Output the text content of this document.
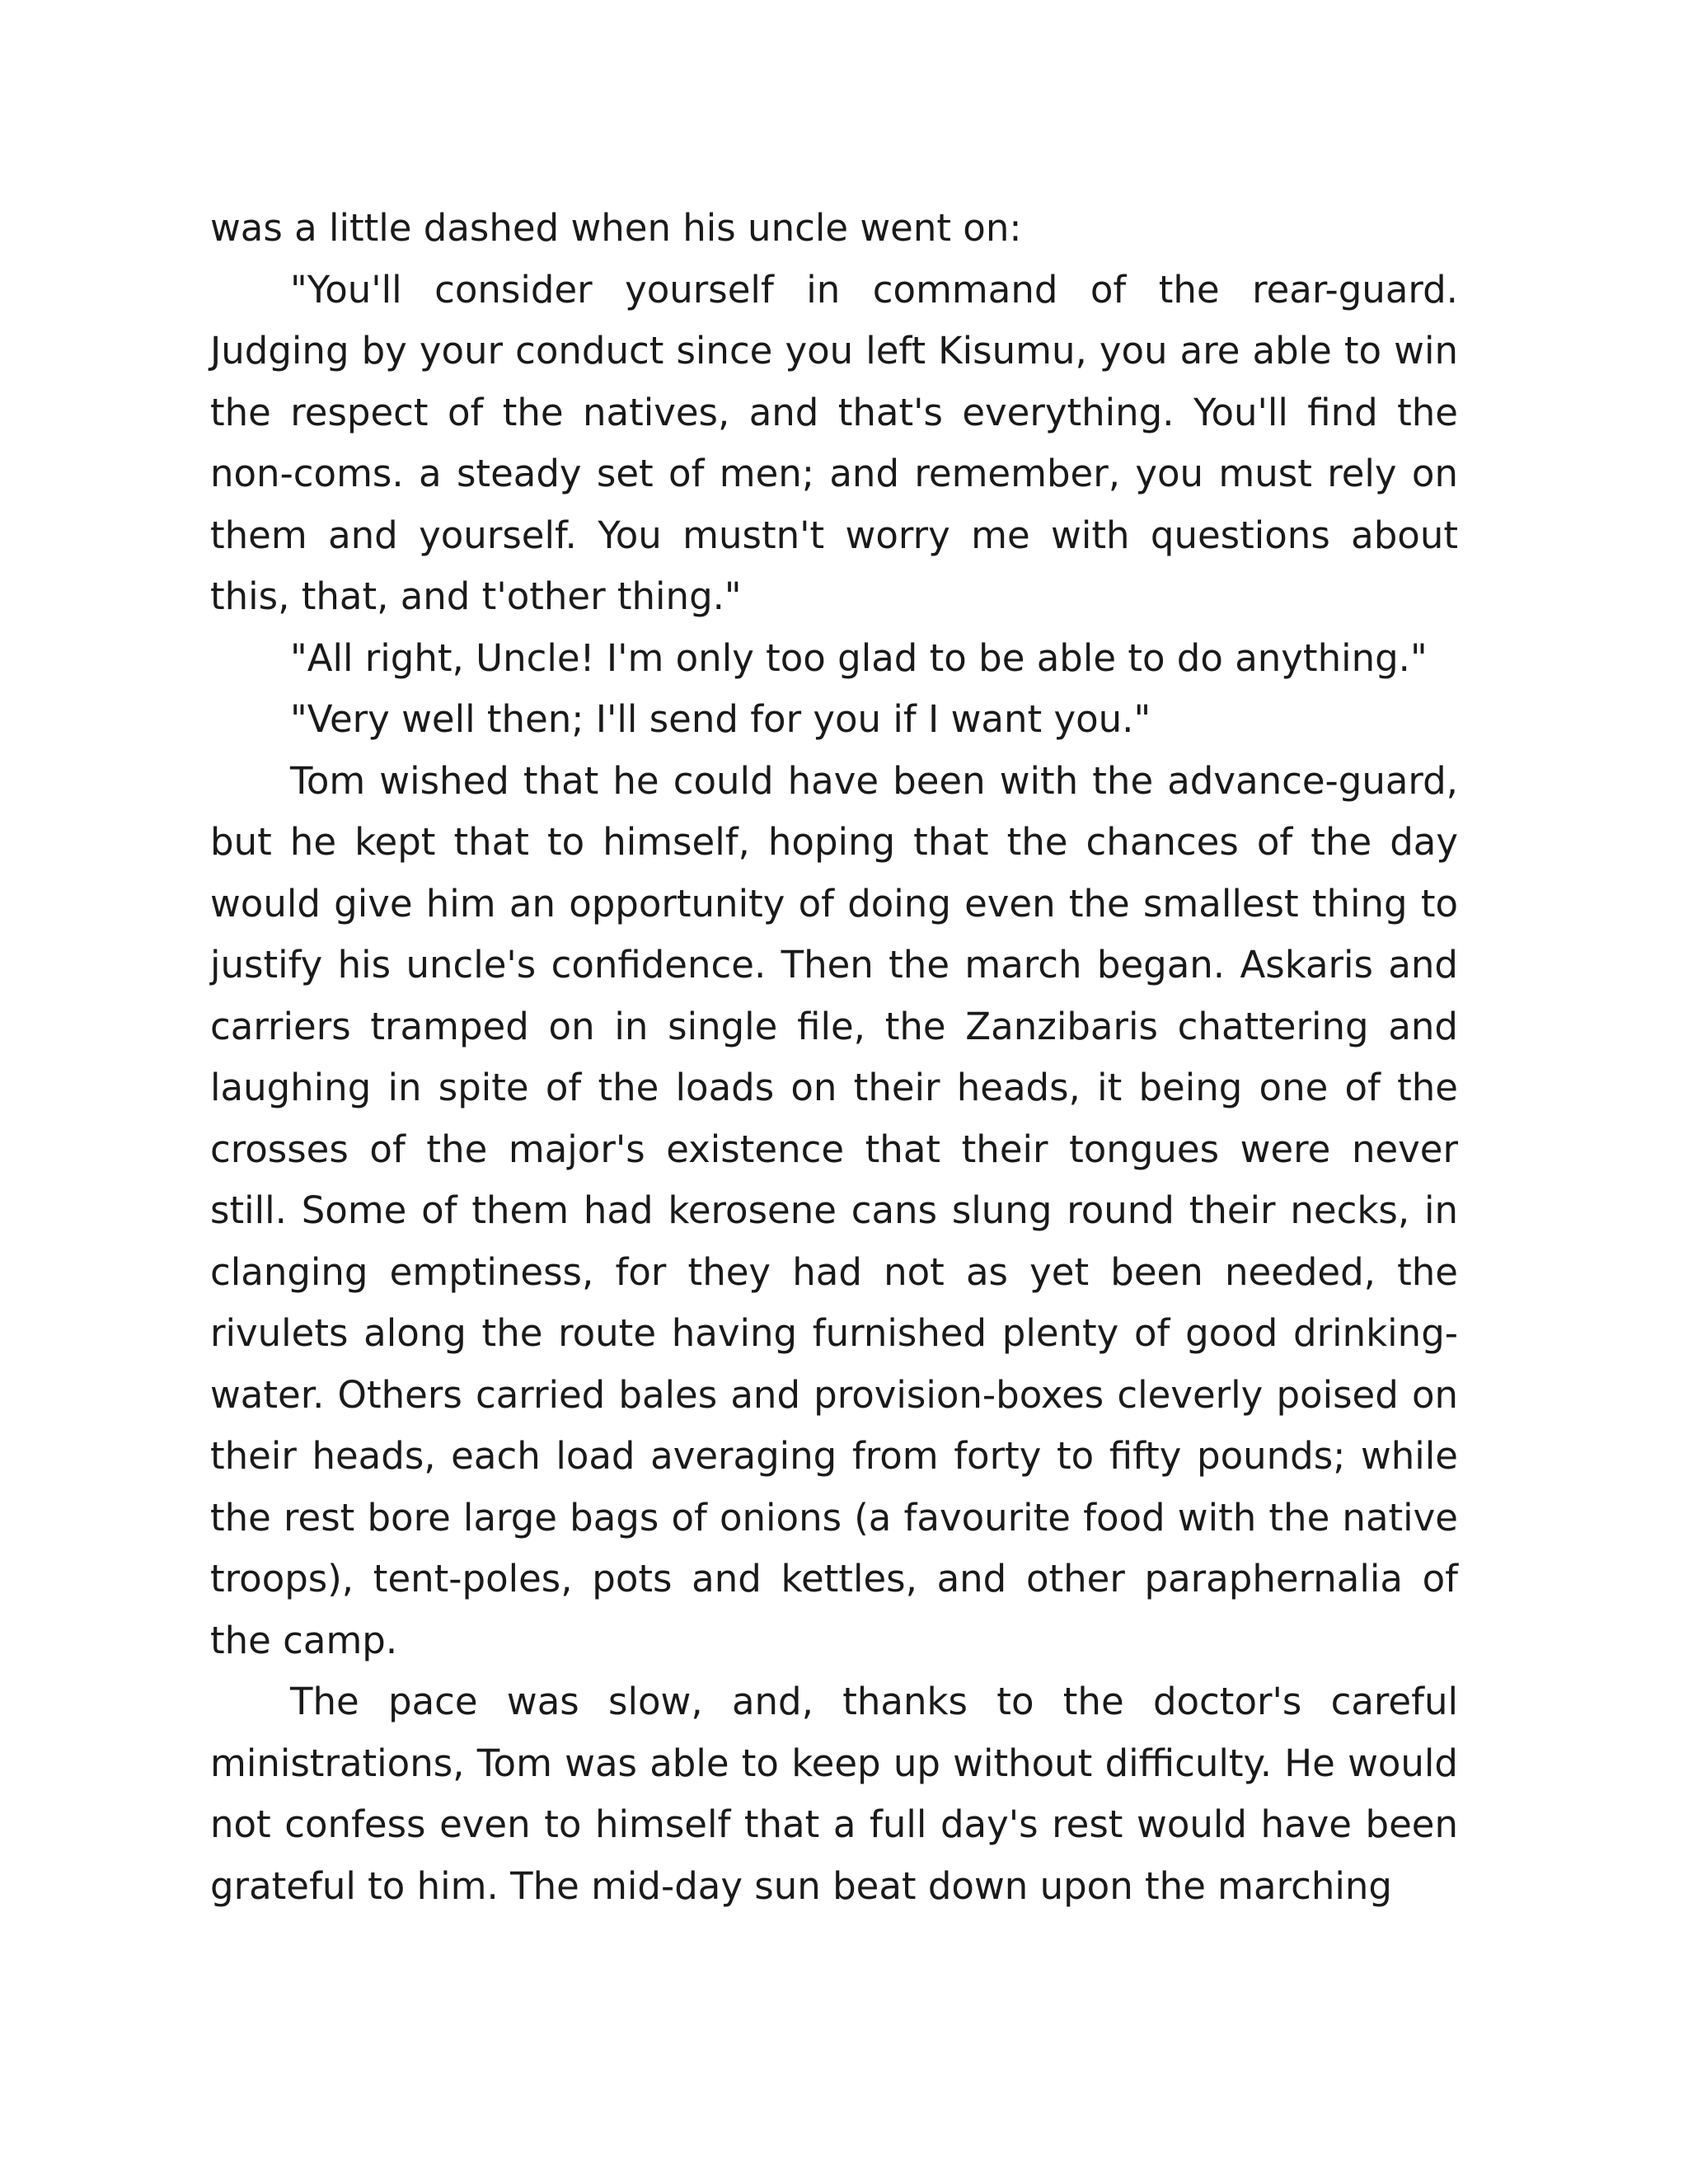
was a little dashed when his uncle went on:

"You'll consider yourself in command of the rear-guard. Judging by your conduct since you left Kisumu, you are able to win the respect of the natives, and that's everything. You'll find the non-coms. a steady set of men; and remember, you must rely on them and yourself. You mustn't worry me with questions about this, that, and t'other thing."

"All right, Uncle! I'm only too glad to be able to do anything."

"Very well then; I'll send for you if I want you."

Tom wished that he could have been with the advance-guard, but he kept that to himself, hoping that the chances of the day would give him an opportunity of doing even the smallest thing to justify his uncle's confidence. Then the march began. Askaris and carriers tramped on in single file, the Zanzibaris chattering and laughing in spite of the loads on their heads, it being one of the crosses of the major's existence that their tongues were never still. Some of them had kerosene cans slung round their necks, in clanging emptiness, for they had not as yet been needed, the rivulets along the route having furnished plenty of good drinking-water. Others carried bales and provision-boxes cleverly poised on their heads, each load averaging from forty to fifty pounds; while the rest bore large bags of onions (a favourite food with the native troops), tent-poles, pots and kettles, and other paraphernalia of the camp.

The pace was slow, and, thanks to the doctor's careful ministrations, Tom was able to keep up without difficulty. He would not confess even to himself that a full day's rest would have been grateful to him. The mid-day sun beat down upon the marching
